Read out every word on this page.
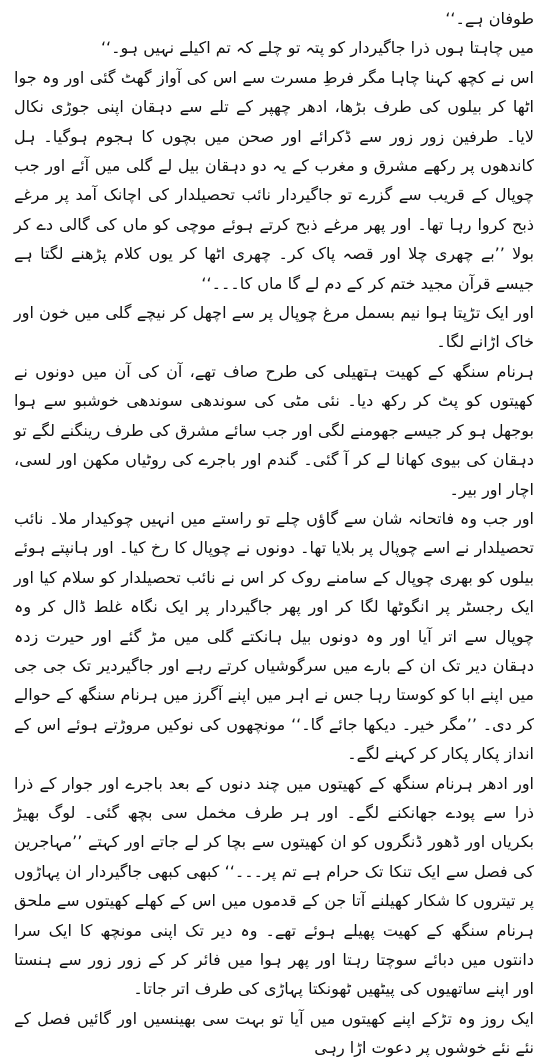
طوفان ہے۔‘‘

میں چاہتا ہوں ذرا جاگیردار کو پتہ تو چلے کہ تم اکیلے نہیں ہو۔‘‘

اس نے کچھ کہنا چاہا مگر فرطِ مسرت سے اس کی آواز گھٹ گئی اور وہ جوا اٹھا کر بیلوں کی طرف بڑھا، ادھر چھپر کے تلے سے دہقان اپنی جوڑی نکال لایا۔ طرفین زور زور سے ڈکرائے اور صحن میں بچوں کا ہجوم ہوگیا۔ ہل کاندھوں پر رکھے مشرق و مغرب کے یہ دو دہقان بیل لے گلی میں آئے اور جب چوپال کے قریب سے گزرے تو جاگیردار نائب تحصیلدار کی اچانک آمد پر مرغے ذبح کروا رہا تھا۔ اور پھر مرغے ذبح کرتے ہوئے موچی کو ماں کی گالی دے کر بولا ’’بے چھری چلا اور قصہ پاک کر۔ چھری اٹھا کر یوں کلام پڑھنے لگتا ہے جیسے قرآن مجید ختم کر کے دم لے گا ماں کا۔۔۔‘‘

اور ایک تڑپتا ہوا نیم بسمل مرغ چوپال پر سے اچھل کر نیچے گلی میں خون اور خاک اڑانے لگا۔

ہرنام سنگھ کے کھیت ہتھیلی کی طرح صاف تھے، آن کی آن میں دونوں نے کھیتوں کو پٹ کر رکھ دیا۔ نئی مٹی کی سوندھی سوندھی خوشبو سے ہوا بوجھل ہو کر جیسے جھومنے لگی اور جب سائے مشرق کی طرف رینگنے لگے تو دہقان کی بیوی کھانا لے کر آ گئی۔ گندم اور باجرے کی روٹیاں مکھن اور لسی، اچار اور بیر۔

اور جب وہ فاتحانہ شان سے گاؤں چلے تو راستے میں انہیں چوکیدار ملا۔ نائب تحصیلدار نے اسے چوپال پر بلایا تھا۔ دونوں نے چوپال کا رخ کیا۔ اور ہانپتے ہوئے بیلوں کو بھری چوپال کے سامنے روک کر اس نے نائب تحصیلدار کو سلام کیا اور ایک رجسٹر پر انگوٹھا لگا کر اور پھر جاگیردار پر ایک نگاہ غلط ڈال کر وہ چوپال سے اتر آیا اور وہ دونوں بیل ہانکتے گلی میں مڑ گئے اور حیرت زدہ دہقان دیر تک ان کے بارے میں سرگوشیاں کرتے رہے اور جاگیردیر تک جی جی میں اپنے ابا کو کوستا رہا جس نے اہر میں اپنے آگرز میں ہرنام سنگھ کے حوالے کر دی۔ ’’مگر خیر۔ دیکھا جائے گا۔‘‘ مونچھوں کی نوکیں مروڑتے ہوئے اس کے انداز پکار پکار کر کہنے لگے۔

اور ادھر ہرنام سنگھ کے کھیتوں میں چند دنوں کے بعد باجرے اور جوار کے ذرا ذرا سے پودے جھانکنے لگے۔ اور ہر طرف مخمل سی بچھ گئی۔ لوگ بھیڑ بکریاں اور ڈھور ڈنگروں کو ان کھیتوں سے بچا کر لے جاتے اور کہتے ’’مہاجرین کی فصل سے ایک تنکا تک حرام ہے تم پر۔۔۔‘‘ کبھی کبھی جاگیردار ان پہاڑوں پر تیتروں کا شکار کھیلنے آتا جن کے قدموں میں اس کے کھلے کھیتوں سے ملحق ہرنام سنگھ کے کھیت پھیلے ہوئے تھے۔ وہ دیر تک اپنی مونچھ کا ایک سرا دانتوں میں دبائے سوچتا رہتا اور پھر ہوا میں فائر کر کے زور زور سے ہنستا اور اپنے ساتھیوں کی پیٹھیں ٹھونکتا پہاڑی کی طرف اتر جاتا۔

ایک روز وہ تڑکے اپنے کھیتوں میں آیا تو بہت سی بھینسیں اور گائیں فصل کے نئے نئے خوشوں پر دعوت اڑا رہی
